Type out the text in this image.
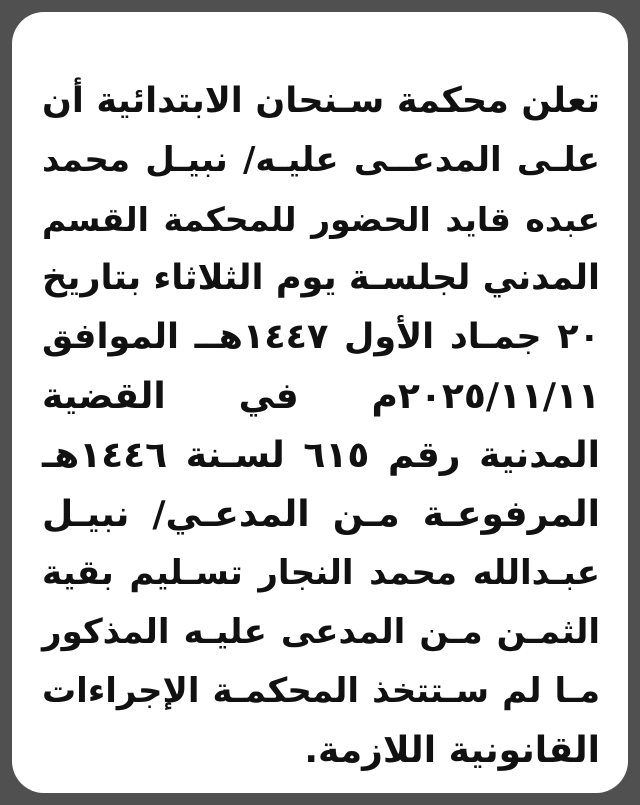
تعلن محكمة سـنحان الابتدائية أن
علـى المدعــى عليـه/ نبيـل محمد
عبده قايد الحضور للمحكمة القسم
المدني لجلسـة يوم الثلاثاء بتاريخ
٢٠ جمـاد الأول ١٤٤٧هــ الموافق
٢٠٢٥/١١/١١م في القضية
المدنية رقم ٦١٥ لسـنة ١٤٤٦هـ
المرفوعـة مـن المدعـي/ نبيـل
عبـدالله محمد النجار تسـليم بقية
الثمـن مـن المدعى عليـه المذكور
مـا لم سـتتخذ المحكمـة الإجراءات
القانونية اللازمة.
